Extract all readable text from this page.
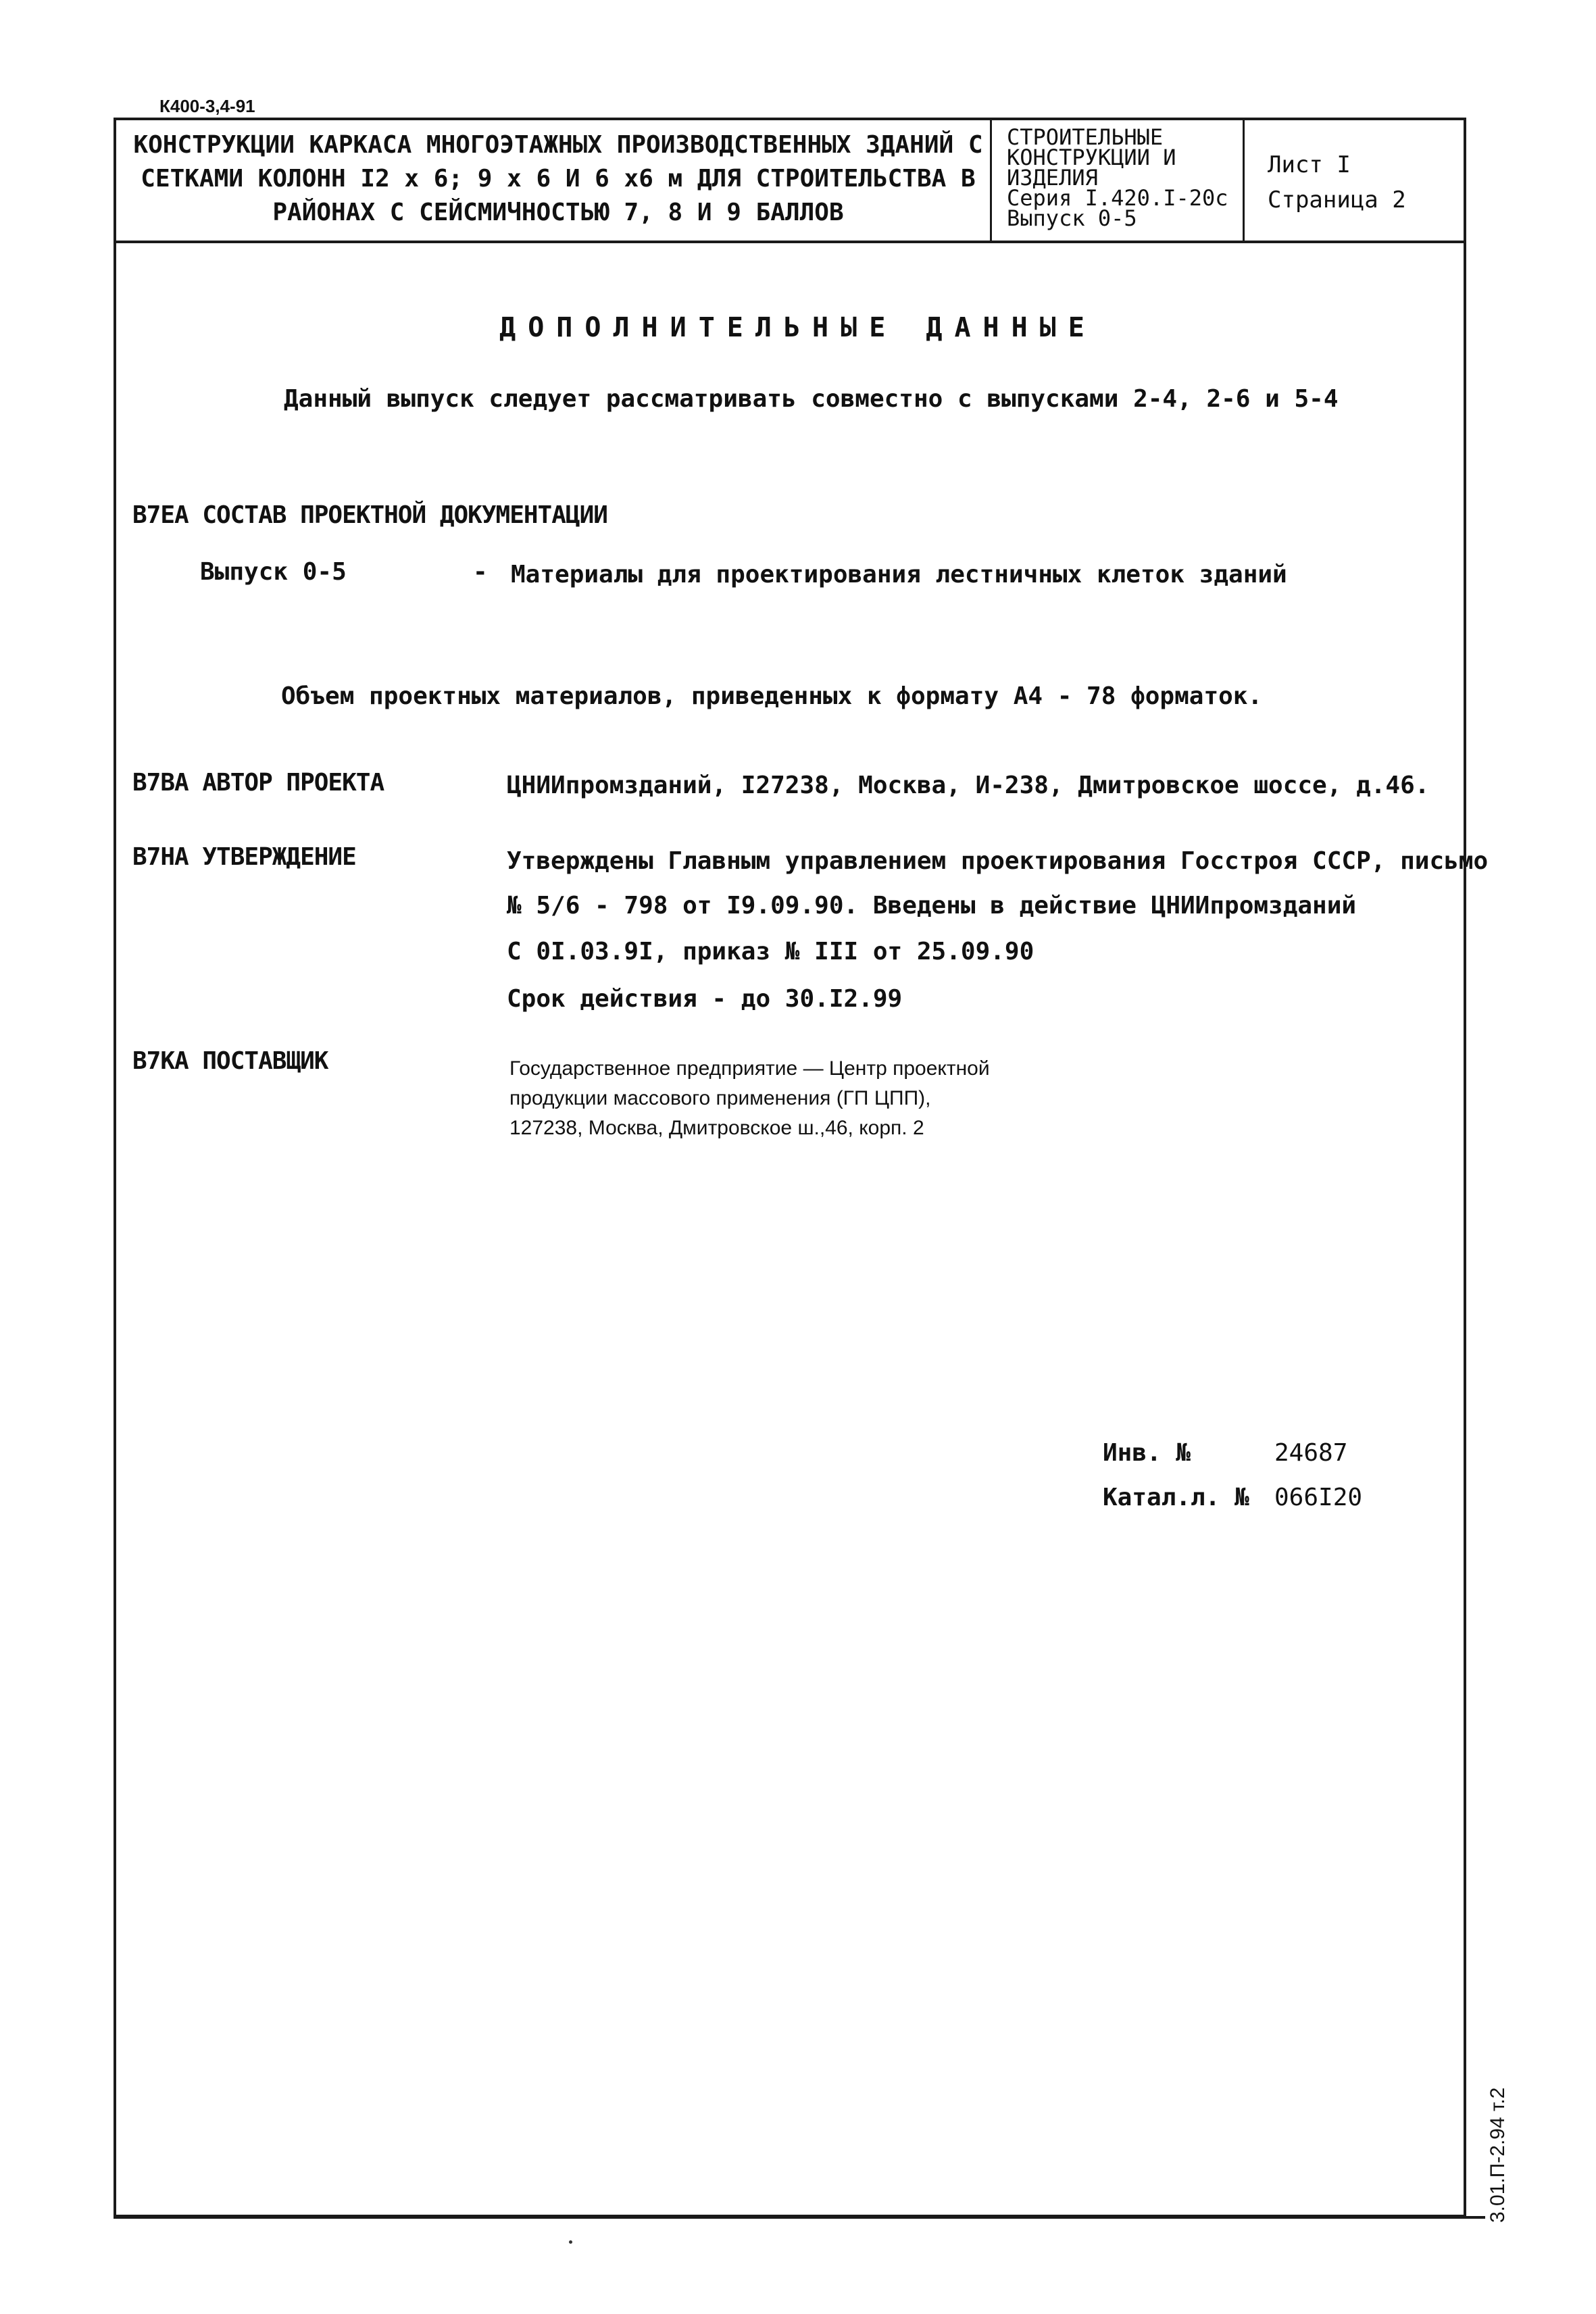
К400-3,4-91
КОНСТРУКЦИИ КАРКАСА МНОГОЭТАЖНЫХ ПРОИЗВОДСТВЕННЫХ ЗДАНИЙ С
СЕТКАМИ КОЛОНН I2 x 6; 9 x 6 И 6 x6 м ДЛЯ СТРОИТЕЛЬСТВА В
РАЙОНАХ С СЕЙСМИЧНОСТЬЮ 7, 8 И 9 БАЛЛОВ
СТРОИТЕЛЬНЫЕ
КОНСТРУКЦИИ И
ИЗДЕЛИЯ
Серия I.420.I-20с
Выпуск 0-5
Лист I
Страница 2
ДОПОЛНИТЕЛЬНЫЕ ДАННЫЕ
Данный выпуск следует рассматривать совместно с выпусками 2-4, 2-6 и 5-4
В7ЕА СОСТАВ ПРОЕКТНОЙ ДОКУМЕНТАЦИИ
Выпуск 0-5	- Материалы для проектирования лестничных клеток зданий
Объем проектных материалов, приведенных к формату А4 - 78 форматок.
В7ВА АВТОР ПРОЕКТА	ЦНИИпромзданий, I27238, Москва, И-238, Дмитровское шоссе, д.46.
В7НА УТВЕРЖДЕНИЕ	Утверждены Главным управлением проектирования Госстроя СССР, письмо
№ 5/6 - 798 от I9.09.90. Введены в действие ЦНИИпромзданий
С 0I.03.9I, приказ № III от 25.09.90
Срок действия - до 30.I2.99
В7КА ПОСТАВЩИК	Государственное предприятие — Центр проектной
продукции массового применения (ГП ЦПП),
127238, Москва, Дмитровское ш.,46, корп. 2
Инв. №	24687
Катал.л. № 066I20
3.01.П-2.94 т.2
